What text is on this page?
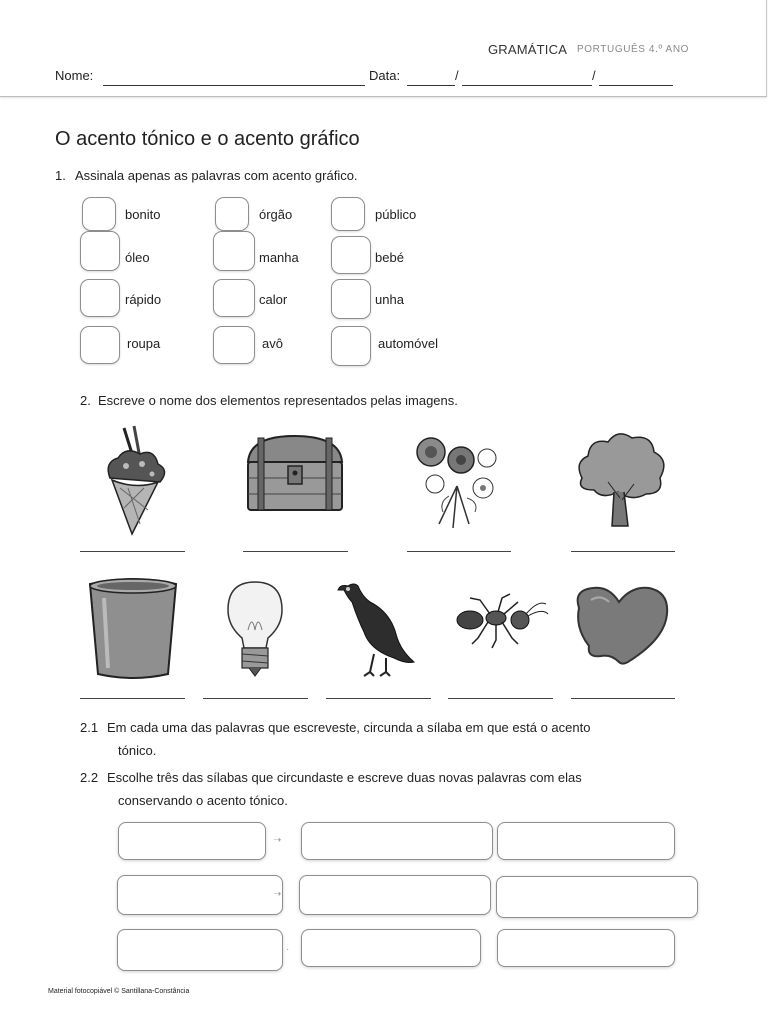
GRAMÁTICA PORTUGUÊS 4.º ANO
Nome:	Data:	/	/
O acento tónico e o acento gráfico
1. Assinala apenas as palavras com acento gráfico.
bonito	órgão	público
óleo	manha	bebé
rápido	calor	unha
roupa	avô	automóvel
2. Escreve o nome dos elementos representados pelas imagens.
2.1 Em cada uma das palavras que escreveste, circunda a sílaba em que está o acento
tónico.
2.2 Escolhe três das sílabas que circundaste e escreve duas novas palavras com elas
conservando o acento tónico.
➝
➝
·
Material fotocopiável © Santillana-Constância
